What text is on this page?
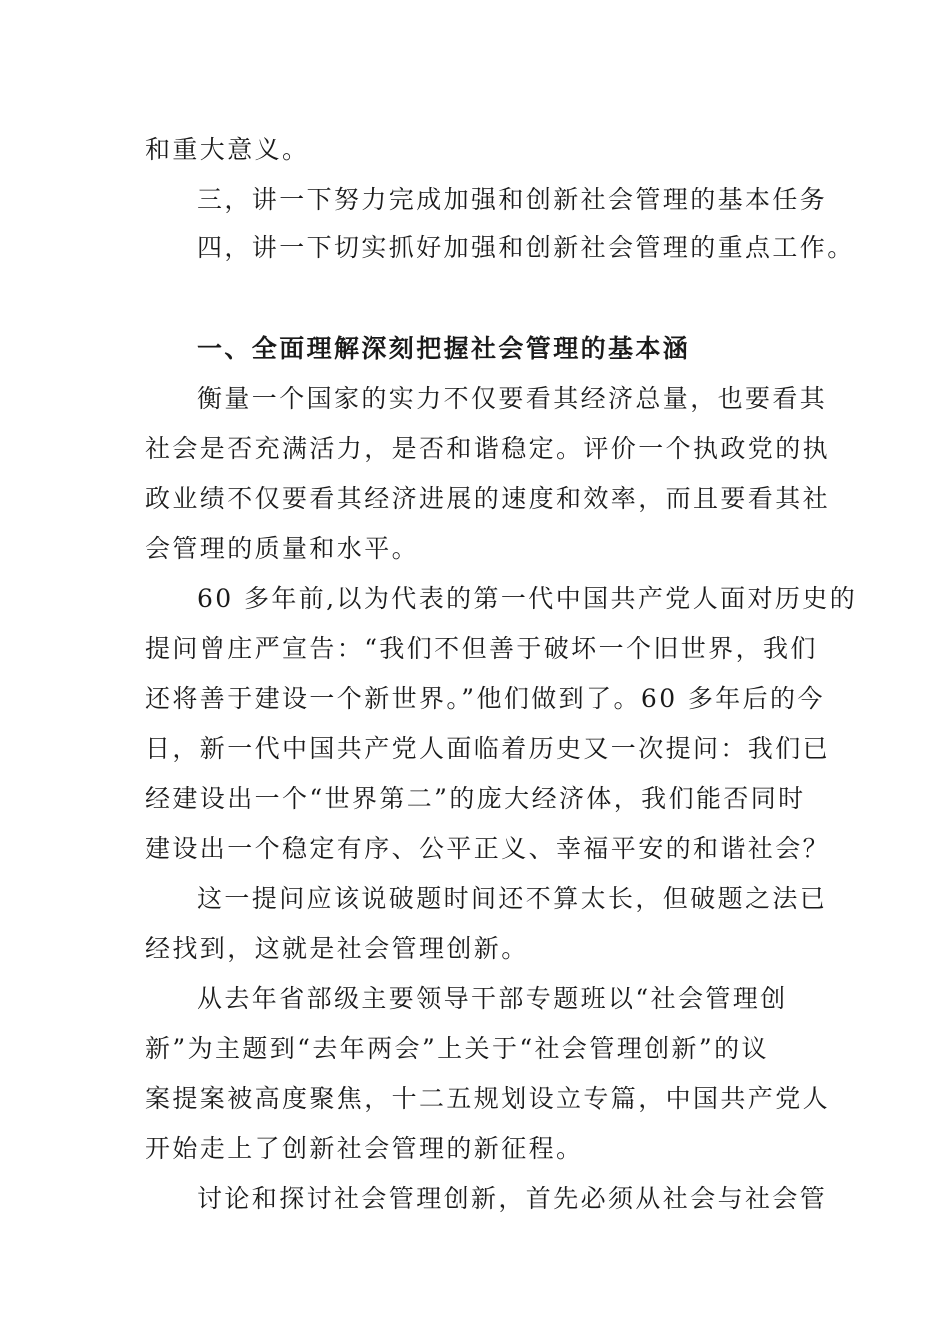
和重大意义。
三，讲一下努力完成加强和创新社会管理的基本任务
四，讲一下切实抓好加强和创新社会管理的重点工作。
一、全面理解深刻把握社会管理的基本涵
衡量一个国家的实力不仅要看其经济总量，也要看其
社会是否充满活力，是否和谐稳定。评价一个执政党的执
政业绩不仅要看其经济进展的速度和效率，而且要看其社
会管理的质量和水平。
60 多年前,以为代表的第一代中国共产党人面对历史的
提问曾庄严宣告：“我们不但善于破坏一个旧世界，我们
还将善于建设一个新世界。”他们做到了。60 多年后的今
日，新一代中国共产党人面临着历史又一次提问：我们已
经建设出一个“世界第二”的庞大经济体，我们能否同时
建设出一个稳定有序、公平正义、幸福平安的和谐社会？
这一提问应该说破题时间还不算太长，但破题之法已
经找到，这就是社会管理创新。
从去年省部级主要领导干部专题班以“社会管理创
新”为主题到“去年两会”上关于“社会管理创新”的议
案提案被高度聚焦，十二五规划设立专篇，中国共产党人
开始走上了创新社会管理的新征程。
讨论和探讨社会管理创新，首先必须从社会与社会管
